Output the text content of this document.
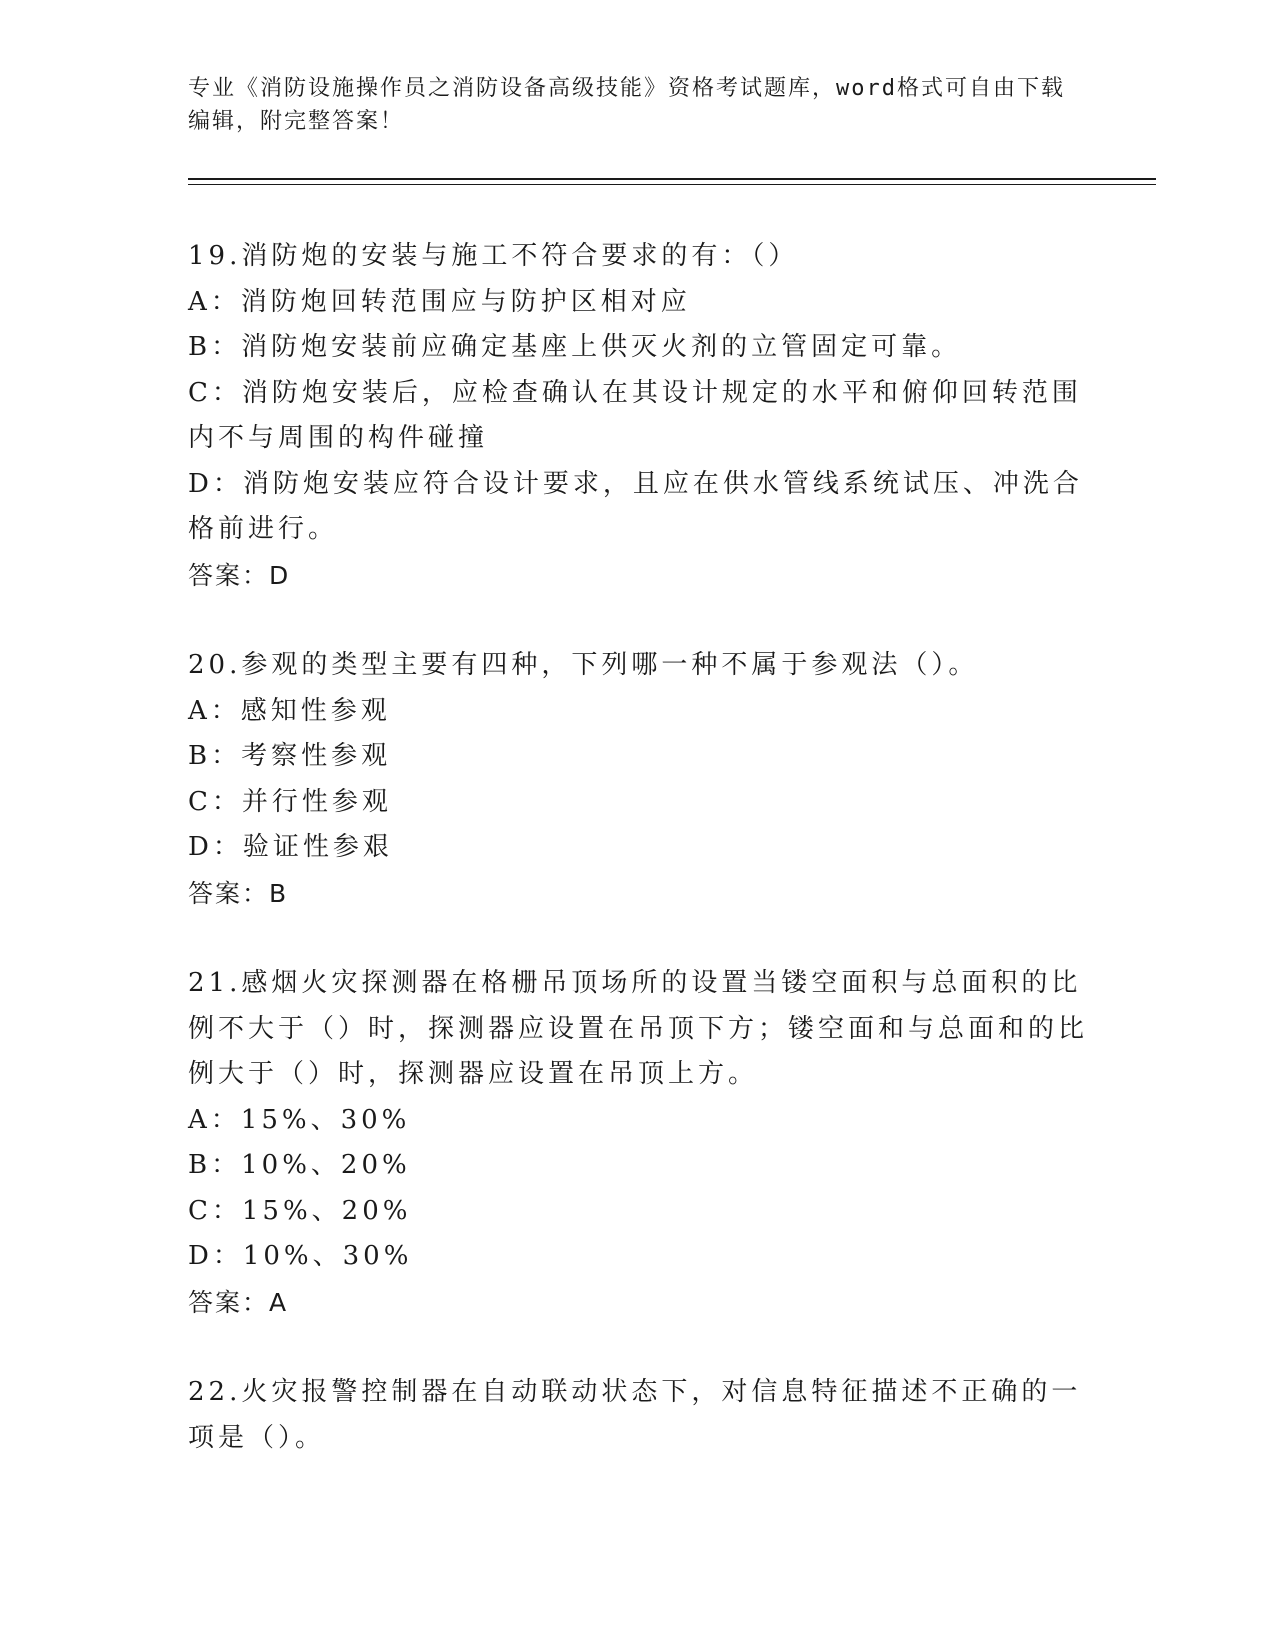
专业《消防设施操作员之消防设备高级技能》资格考试题库，word格式可自由下载编辑，附完整答案！

19.消防炮的安装与施工不符合要求的有：（）

A：消防炮回转范围应与防护区相对应

B：消防炮安装前应确定基座上供灭火剂的立管固定可靠。

C：消防炮安装后，应检查确认在其设计规定的水平和俯仰回转范围内不与周围的构件碰撞

D：消防炮安装应符合设计要求，且应在供水管线系统试压、冲洗合格前进行。

答案：D

20.参观的类型主要有四种，下列哪一种不属于参观法（）。

A：感知性参观

B：考察性参观

C：并行性参观

D：验证性参艰

答案：B

21.感烟火灾探测器在格栅吊顶场所的设置当镂空面积与总面积的比例不大于（）时，探测器应设置在吊顶下方；镂空面和与总面和的比例大于（）时，探测器应设置在吊顶上方。

A：15%、30%

B：10%、20%

C：15%、20%

D：10%、30%

答案：A

22.火灾报警控制器在自动联动状态下，对信息特征描述不正确的一项是（）。
